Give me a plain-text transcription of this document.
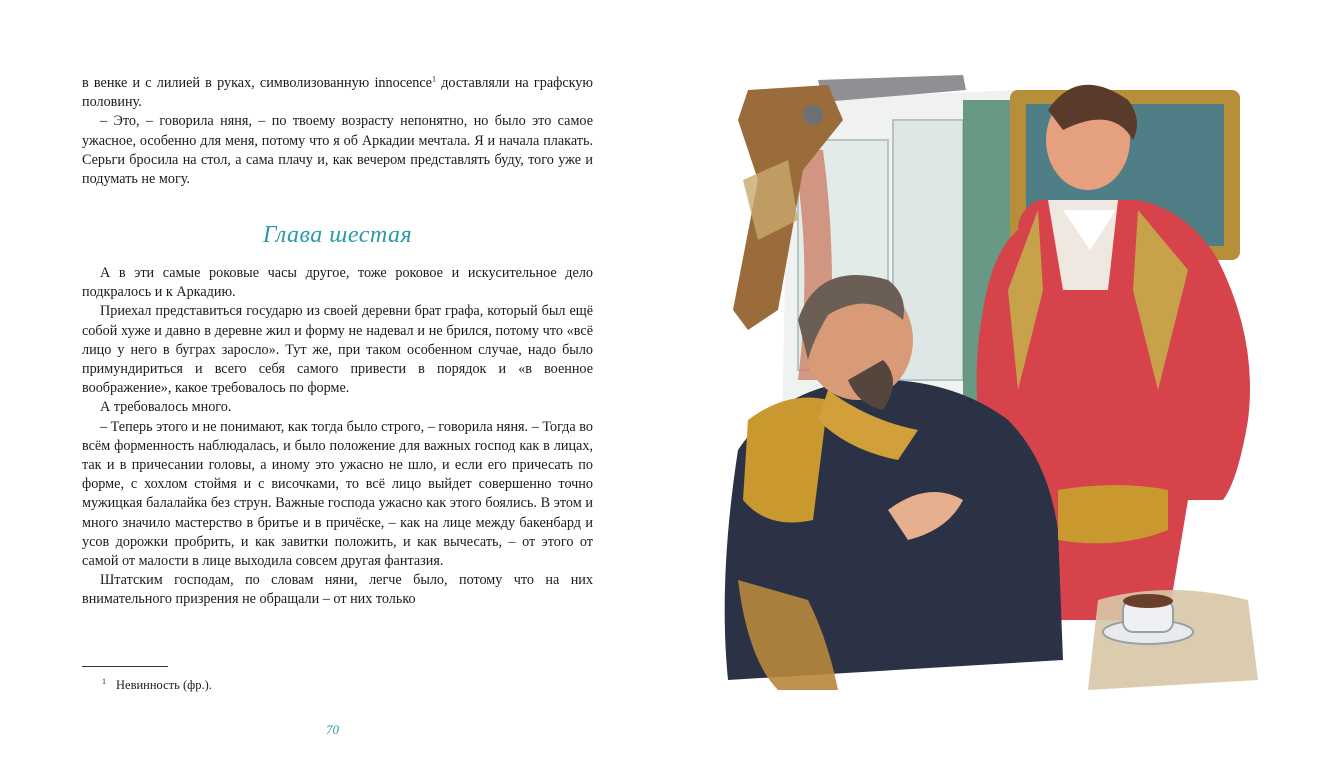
в венке и с лилией в руках, символизованную innocence$^1$ доставляли на графскую половину.

– Это, – говорила няня, – по твоему возрасту непонятно, но было это самое ужасное, особенно для меня, потому что я об Аркадии мечтала. Я и начала плакать. Серьги бросила на стол, а сама плачу и, как вечером представлять буду, того уже и подумать не могу.

Глава шестая

А в эти самые роковые часы другое, тоже роковое и искусительное дело подкралось и к Аркадию.

Приехал представиться государю из своей деревни брат графа, который был ещё собой хуже и давно в деревне жил и форму не надевал и не брился, потому что «всё лицо у него в буграх заросло». Тут же, при таком особенном случае, надо было примундириться и всего себя самого привести в порядок и «в военное воображение», какое требовалось по форме.

А требовалось много.

– Теперь этого и не понимают, как тогда было строго, – говорила няня. – Тогда во всём форменность наблюдалась, и было положение для важных господ как в лицах, так и в причесании головы, а иному это ужасно не шло, и если его причесать по форме, с хохлом стоймя и с височками, то всё лицо выйдет совершенно точно мужицкая балалайка без струн. Важные господа ужасно как этого боялись. В этом и много значило мастерство в бритье и в причёске, – как на лице между бакенбард и усов дорожки пробрить, и как завитки положить, и как вычесать, – от этого от самой от малости в лице выходила совсем другая фантазия.

Штатским господам, по словам няни, легче было, потому что на них внимательного призрения не обращали – от них только

$^1$ Невинность (фр.).
70
